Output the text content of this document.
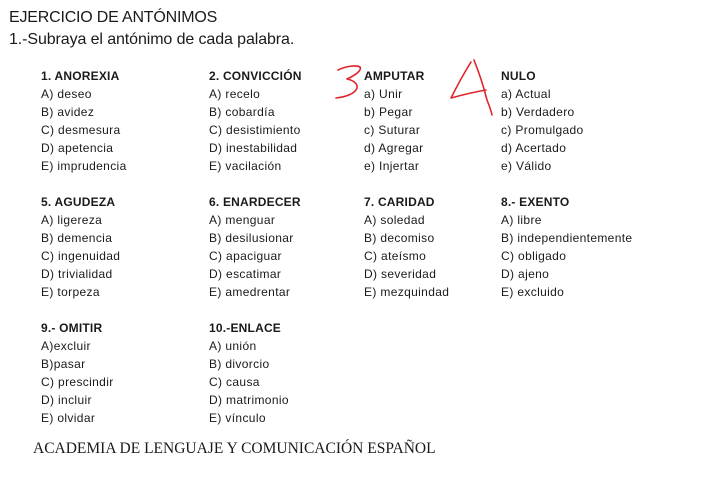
EJERCICIO DE ANTÓNIMOS
1.-Subraya el antónimo de cada palabra.
1. ANOREXIA
A) deseo
B) avidez
C) desmesura
D) apetencia
E) imprudencia
2. CONVICCIÓN
A) recelo
B) cobardía
C) desistimiento
D) inestabilidad
E) vacilación
AMPUTAR
a) Unir
b) Pegar
c) Suturar
d) Agregar
e) Injertar
NULO
a) Actual
b) Verdadero
c) Promulgado
d) Acertado
e) Válido
5. AGUDEZA
A) ligereza
B) demencia
C) ingenuidad
D) trivialidad
E) torpeza
6. ENARDECER
A) menguar
B) desilusionar
C) apaciguar
D) escatimar
E) amedrentar
7. CARIDAD
A) soledad
B) decomiso
C) ateísmo
D) severidad
E) mezquindad
8.- EXENTO
A) libre
B) independientemente
C) obligado
D) ajeno
E) excluido
9.- OMITIR
A)excluir
B)pasar
C) prescindir
D) incluir
E) olvidar
10.-ENLACE
A) unión
B) divorcio
C) causa
D) matrimonio
E) vínculo
ACADEMIA DE LENGUAJE Y COMUNICACIÓN ESPAÑOL
